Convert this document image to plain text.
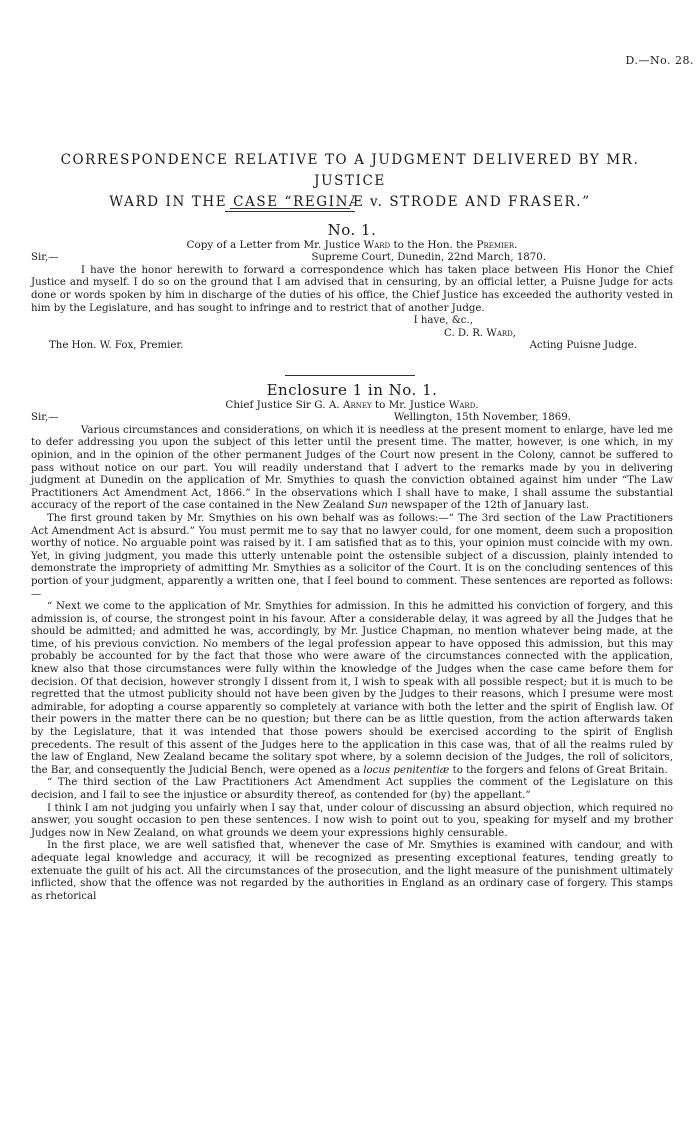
D.—No. 28.
CORRESPONDENCE RELATIVE TO A JUDGMENT DELIVERED BY MR. JUSTICE
WARD IN THE CASE “REGINÆ v. STRODE AND FRASER.”
No. 1.

Copy of a Letter from Mr. Justice Ward to the Hon. the Premier.

Sir,—	Supreme Court, Dunedin, 22nd March, 1870.

I have the honor herewith to forward a correspondence which has taken place between His Honor the Chief Justice and myself. I do so on the ground that I am advised that in censuring, by an official letter, a Puisne Judge for acts done or words spoken by him in discharge of the duties of his office, the Chief Justice has exceeded the authority vested in him by the Legislature, and has sought to infringe and to restrict that of another Judge.

I have, &c.,

C. D. R. Ward,

The Hon. W. Fox, Premier.	Acting Puisne Judge.
Enclosure 1 in No. 1.

Chief Justice Sir G. A. Arney to Mr. Justice Ward.

Sir,—	Wellington, 15th November, 1869.

Various circumstances and considerations, on which it is needless at the present moment to enlarge, have led me to defer addressing you upon the subject of this letter until the present time. The matter, however, is one which, in my opinion, and in the opinion of the other permanent Judges of the Court now present in the Colony, cannot be suffered to pass without notice on our part. You will readily understand that I advert to the remarks made by you in delivering judgment at Dunedin on the application of Mr. Smythies to quash the conviction obtained against him under “The Law Practitioners Act Amendment Act, 1866.” In the observations which I shall have to make, I shall assume the substantial accuracy of the report of the case contained in the New Zealand Sun newspaper of the 12th of January last.

The first ground taken by Mr. Smythies on his own behalf was as follows:—“ The 3rd section of the Law Practitioners Act Amendment Act is absurd.” You must permit me to say that no lawyer could, for one moment, deem such a proposition worthy of notice. No arguable point was raised by it. I am satisfied that as to this, your opinion must coincide with my own. Yet, in giving judgment, you made this utterly untenable point the ostensible subject of a discussion, plainly intended to demonstrate the impropriety of admitting Mr. Smythies as a solicitor of the Court. It is on the concluding sentences of this portion of your judgment, apparently a written one, that I feel bound to comment. These sentences are reported as follows:—

“ Next we come to the application of Mr. Smythies for admission. In this he admitted his conviction of forgery, and this admission is, of course, the strongest point in his favour. After a considerable delay, it was agreed by all the Judges that he should be admitted; and admitted he was, accordingly, by Mr. Justice Chapman, no mention whatever being made, at the time, of his previous conviction. No members of the legal profession appear to have opposed this admission, but this may probably be accounted for by the fact that those who were aware of the circumstances connected with the application, knew also that those circumstances were fully within the knowledge of the Judges when the case came before them for decision. Of that decision, however strongly I dissent from it, I wish to speak with all possible respect; but it is much to be regretted that the utmost publicity should not have been given by the Judges to their reasons, which I presume were most admirable, for adopting a course apparently so completely at variance with both the letter and the spirit of English law. Of their powers in the matter there can be no question; but there can be as little question, from the action afterwards taken by the Legislature, that it was intended that those powers should be exercised according to the spirit of English precedents. The result of this assent of the Judges here to the application in this case was, that of all the realms ruled by the law of England, New Zealand became the solitary spot where, by a solemn decision of the Judges, the roll of solicitors, the Bar, and consequently the Judicial Bench, were opened as a locus penitentiæ to the forgers and felons of Great Britain.

“ The third section of the Law Practitioners Act Amendment Act supplies the comment of the Legislature on this decision, and I fail to see the injustice or absurdity thereof, as contended for (by) the appellant.”

I think I am not judging you unfairly when I say that, under colour of discussing an absurd objection, which required no answer, you sought occasion to pen these sentences. I now wish to point out to you, speaking for myself and my brother Judges now in New Zealand, on what grounds we deem your expressions highly censurable.

In the first place, we are well satisfied that, whenever the case of Mr. Smythies is examined with candour, and with adequate legal knowledge and accuracy, it will be recognized as presenting exceptional features, tending greatly to extenuate the guilt of his act. All the circumstances of the prosecution, and the light measure of the punishment ultimately inflicted, show that the offence was not regarded by the authorities in England as an ordinary case of forgery. This stamps as rhetorical
